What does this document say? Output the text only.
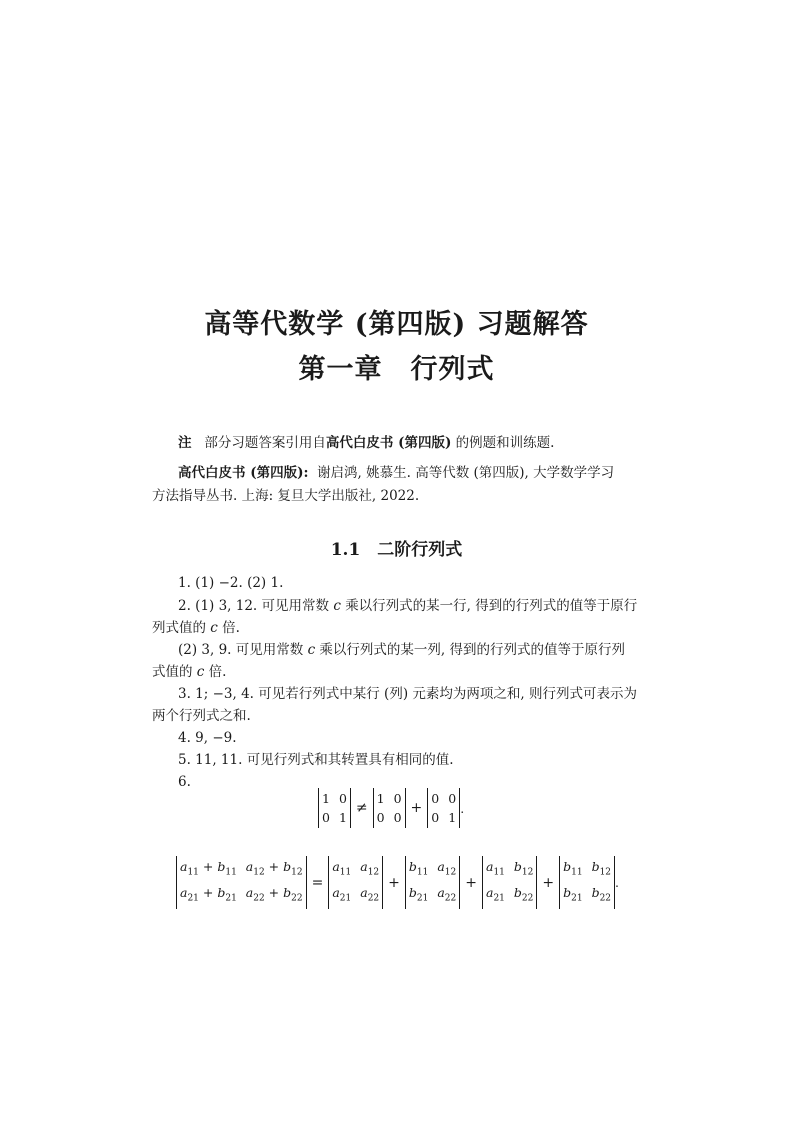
高等代数学 (第四版) 习题解答
第一章　行列式
注 部分习题答案引用自高代白皮书 (第四版) 的例题和训练题.
高代白皮书 (第四版): 谢启鸿, 姚慕生. 高等代数 (第四版), 大学数学学习
方法指导丛书. 上海: 复旦大学出版社, 2022.
1.1　二阶行列式
1. (1) −2. (2) 1.
2. (1) 3, 12. 可见用常数 c 乘以行列式的某一行, 得到的行列式的值等于原行
列式值的 c 倍.
(2) 3, 9. 可见用常数 c 乘以行列式的某一列, 得到的行列式的值等于原行列
式值的 c 倍.
3. 1; −3, 4. 可见若行列式中某行 (列) 元素均为两项之和, 则行列式可表示为
两个行列式之和.
4. 9, −9.
5. 11, 11. 可见行列式和其转置具有相同的值.
6.
1
0
0
1
≠
1
0
0
0
+
0
0
0
1
.
$a_{11} + b_{11}$
$a_{21} + b_{21}$
$a_{12} + b_{12}$
$a_{22} + b_{22}$
=
$a_{11}$
$a_{21}$
$a_{12}$
$a_{22}$
+
$b_{11}$
$b_{21}$
$a_{12}$
$a_{22}$
+
$a_{11}$
$a_{21}$
$b_{12}$
$b_{22}$
+
$b_{11}$
$b_{21}$
$b_{12}$
$b_{22}$
.
